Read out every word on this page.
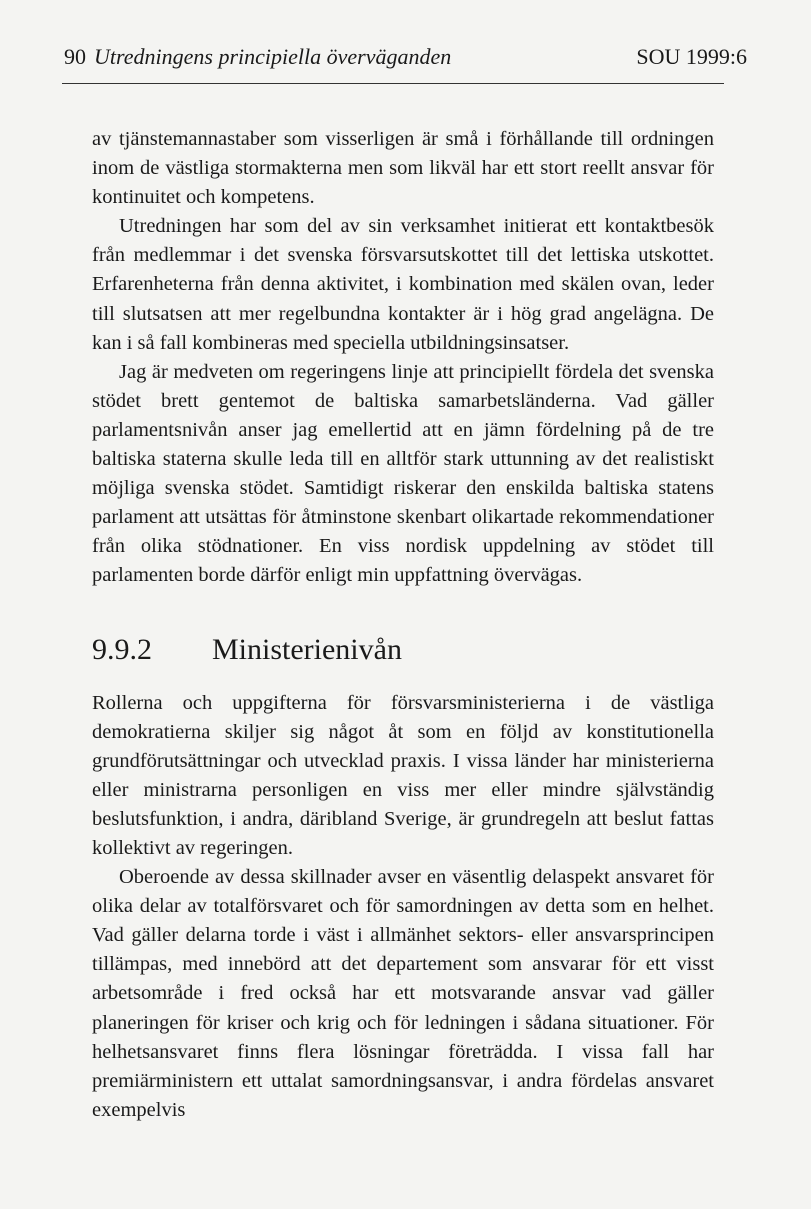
90 Utredningens principiella överväganden	SOU 1999:6

av tjänstemannastaber som visserligen är små i förhållande till ordningen inom de västliga stormakterna men som likväl har ett stort reellt ansvar för kontinuitet och kompetens.

Utredningen har som del av sin verksamhet initierat ett kontaktbesök från medlemmar i det svenska försvarsutskottet till det lettiska utskottet. Erfarenheterna från denna aktivitet, i kombination med skälen ovan, leder till slutsatsen att mer regelbundna kontakter är i hög grad angelägna. De kan i så fall kombineras med speciella utbildningsinsatser.

Jag är medveten om regeringens linje att principiellt fördela det svenska stödet brett gentemot de baltiska samarbetsländerna. Vad gäller parlamentsnivån anser jag emellertid att en jämn fördelning på de tre baltiska staterna skulle leda till en alltför stark uttunning av det realistiskt möjliga svenska stödet. Samtidigt riskerar den enskilda baltiska statens parlament att utsättas för åtminstone skenbart olikartade rekommendationer från olika stödnationer. En viss nordisk uppdelning av stödet till parlamenten borde därför enligt min uppfattning övervägas.

9.9.2 Ministerienivån

Rollerna och uppgifterna för försvarsministerierna i de västliga demokratierna skiljer sig något åt som en följd av konstitutionella grundförutsättningar och utvecklad praxis. I vissa länder har ministerierna eller ministrarna personligen en viss mer eller mindre självständig beslutsfunktion, i andra, däribland Sverige, är grundregeln att beslut fattas kollektivt av regeringen.

Oberoende av dessa skillnader avser en väsentlig delaspekt ansvaret för olika delar av totalförsvaret och för samordningen av detta som en helhet. Vad gäller delarna torde i väst i allmänhet sektors- eller ansvarsprincipen tillämpas, med innebörd att det departement som ansvarar för ett visst arbetsområde i fred också har ett motsvarande ansvar vad gäller planeringen för kriser och krig och för ledningen i sådana situationer. För helhetsansvaret finns flera lösningar företrädda. I vissa fall har premiärministern ett uttalat samordningsansvar, i andra fördelas ansvaret exempelvis
